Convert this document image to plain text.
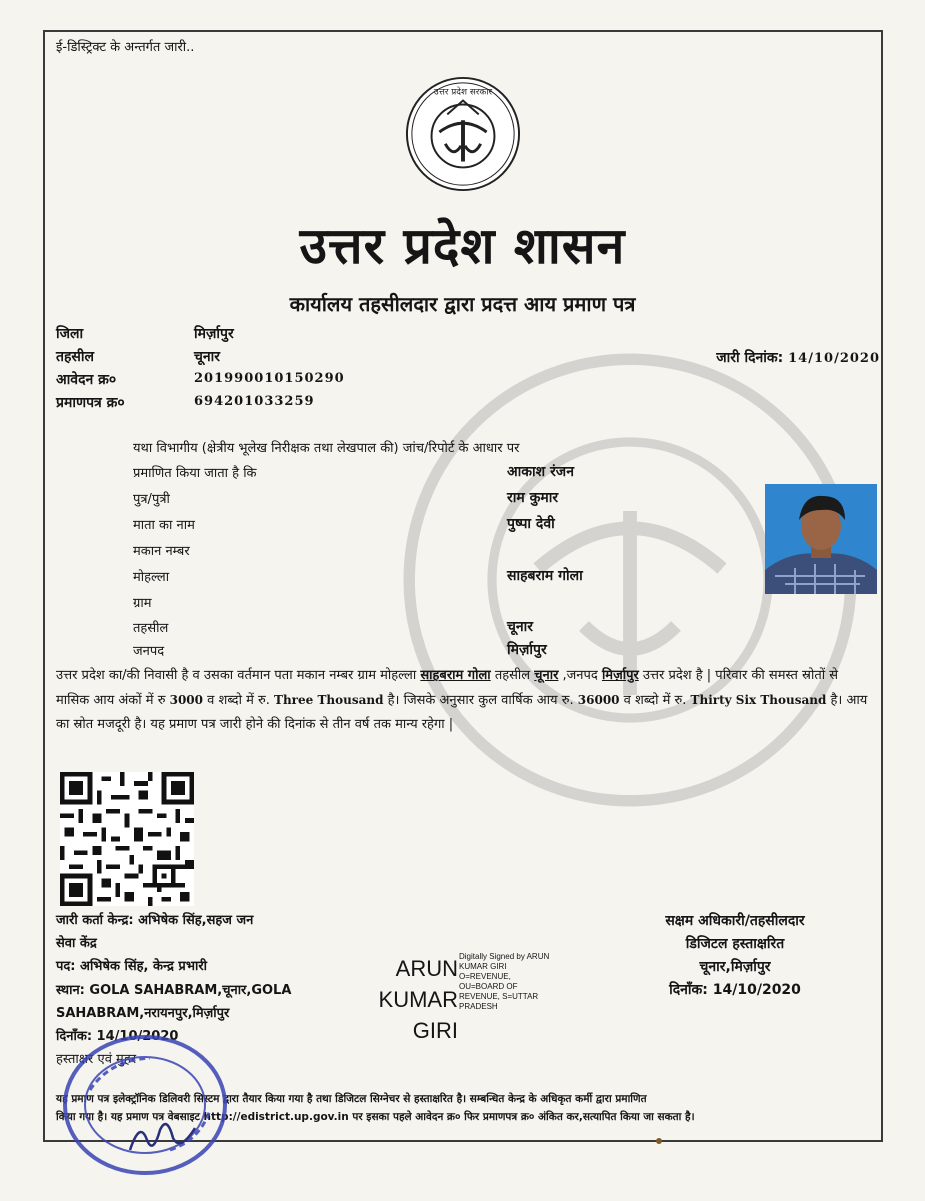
ई-डिस्ट्रिक्ट के अन्तर्गत जारी..
उत्तर प्रदेश सरकार
उत्तर प्रदेश शासन
कार्यालय तहसीलदार द्वारा प्रदत्त आय प्रमाण पत्र
जिला	मिर्ज़ापुर
तहसील	चूनार
आवेदन क्र०	201990010150290
प्रमाणपत्र क्र०	694201033259
जारी दिनांक: 14/10/2020
यथा विभागीय (क्षेत्रीय भूलेख निरीक्षक तथा लेखपाल की) जांच/रिपोर्ट के आधार पर
प्रमाणित किया जाता है कि	आकाश रंजन
पुत्र/पुत्री	राम कुमार
माता का नाम	पुष्पा देवी
मकान नम्बर
मोहल्ला	साहबराम गोला
ग्राम
तहसील	चूनार
जनपद	मिर्ज़ापुर
उत्तर प्रदेश का/की निवासी है व उसका वर्तमान पता मकान नम्बर ग्राम मोहल्ला साहबराम गोला तहसील चूनार ,जनपद मिर्ज़ापुर उत्तर प्रदेश है | परिवार की समस्त स्रोतों से मासिक आय अंकों में रु 3000 व शब्दो में रु. Three Thousand है। जिसके अनुसार कुल वार्षिक आय रु. 36000 व शब्दो में रु. Thirty Six Thousand है। आय का स्रोत मजदूरी है। यह प्रमाण पत्र जारी होने की दिनांक से तीन वर्ष तक मान्य रहेगा |
जारी कर्ता केन्द्र: अभिषेक सिंह,सहज जन
सेवा केंद्र
पद: अभिषेक सिंह, केन्द्र प्रभारी
स्थान: GOLA SAHABRAM,चूनार,GOLA
SAHABRAM,नरायनपुर,मिर्ज़ापुर
दिनाँक: 14/10/2020
हस्ताक्षर एवं मुहर
ARUN
KUMAR
GIRI
Digitally Signed by ARUN
KUMAR GIRI
O=REVENUE,
OU=BOARD OF
REVENUE, S=UTTAR
PRADESH
सक्षम अधिकारी/तहसीलदार
डिजिटल हस्ताक्षरित
चूनार,मिर्ज़ापुर
दिनाँक: 14/10/2020
यह प्रमाण पत्र इलेक्ट्रॉनिक डिलिवरी सिस्टम द्वारा तैयार किया गया है तथा डिजिटल सिग्नेचर से हस्ताक्षरित है। सम्बन्धित केन्द्र के अधिकृत कर्मी द्वारा प्रमाणित
किया गया है। यह प्रमाण पत्र वेबसाइट http://edistrict.up.gov.in पर इसका पहले आवेदन क्र० फिर प्रमाणपत्र क्र० अंकित कर,सत्यापित किया जा सकता है।
